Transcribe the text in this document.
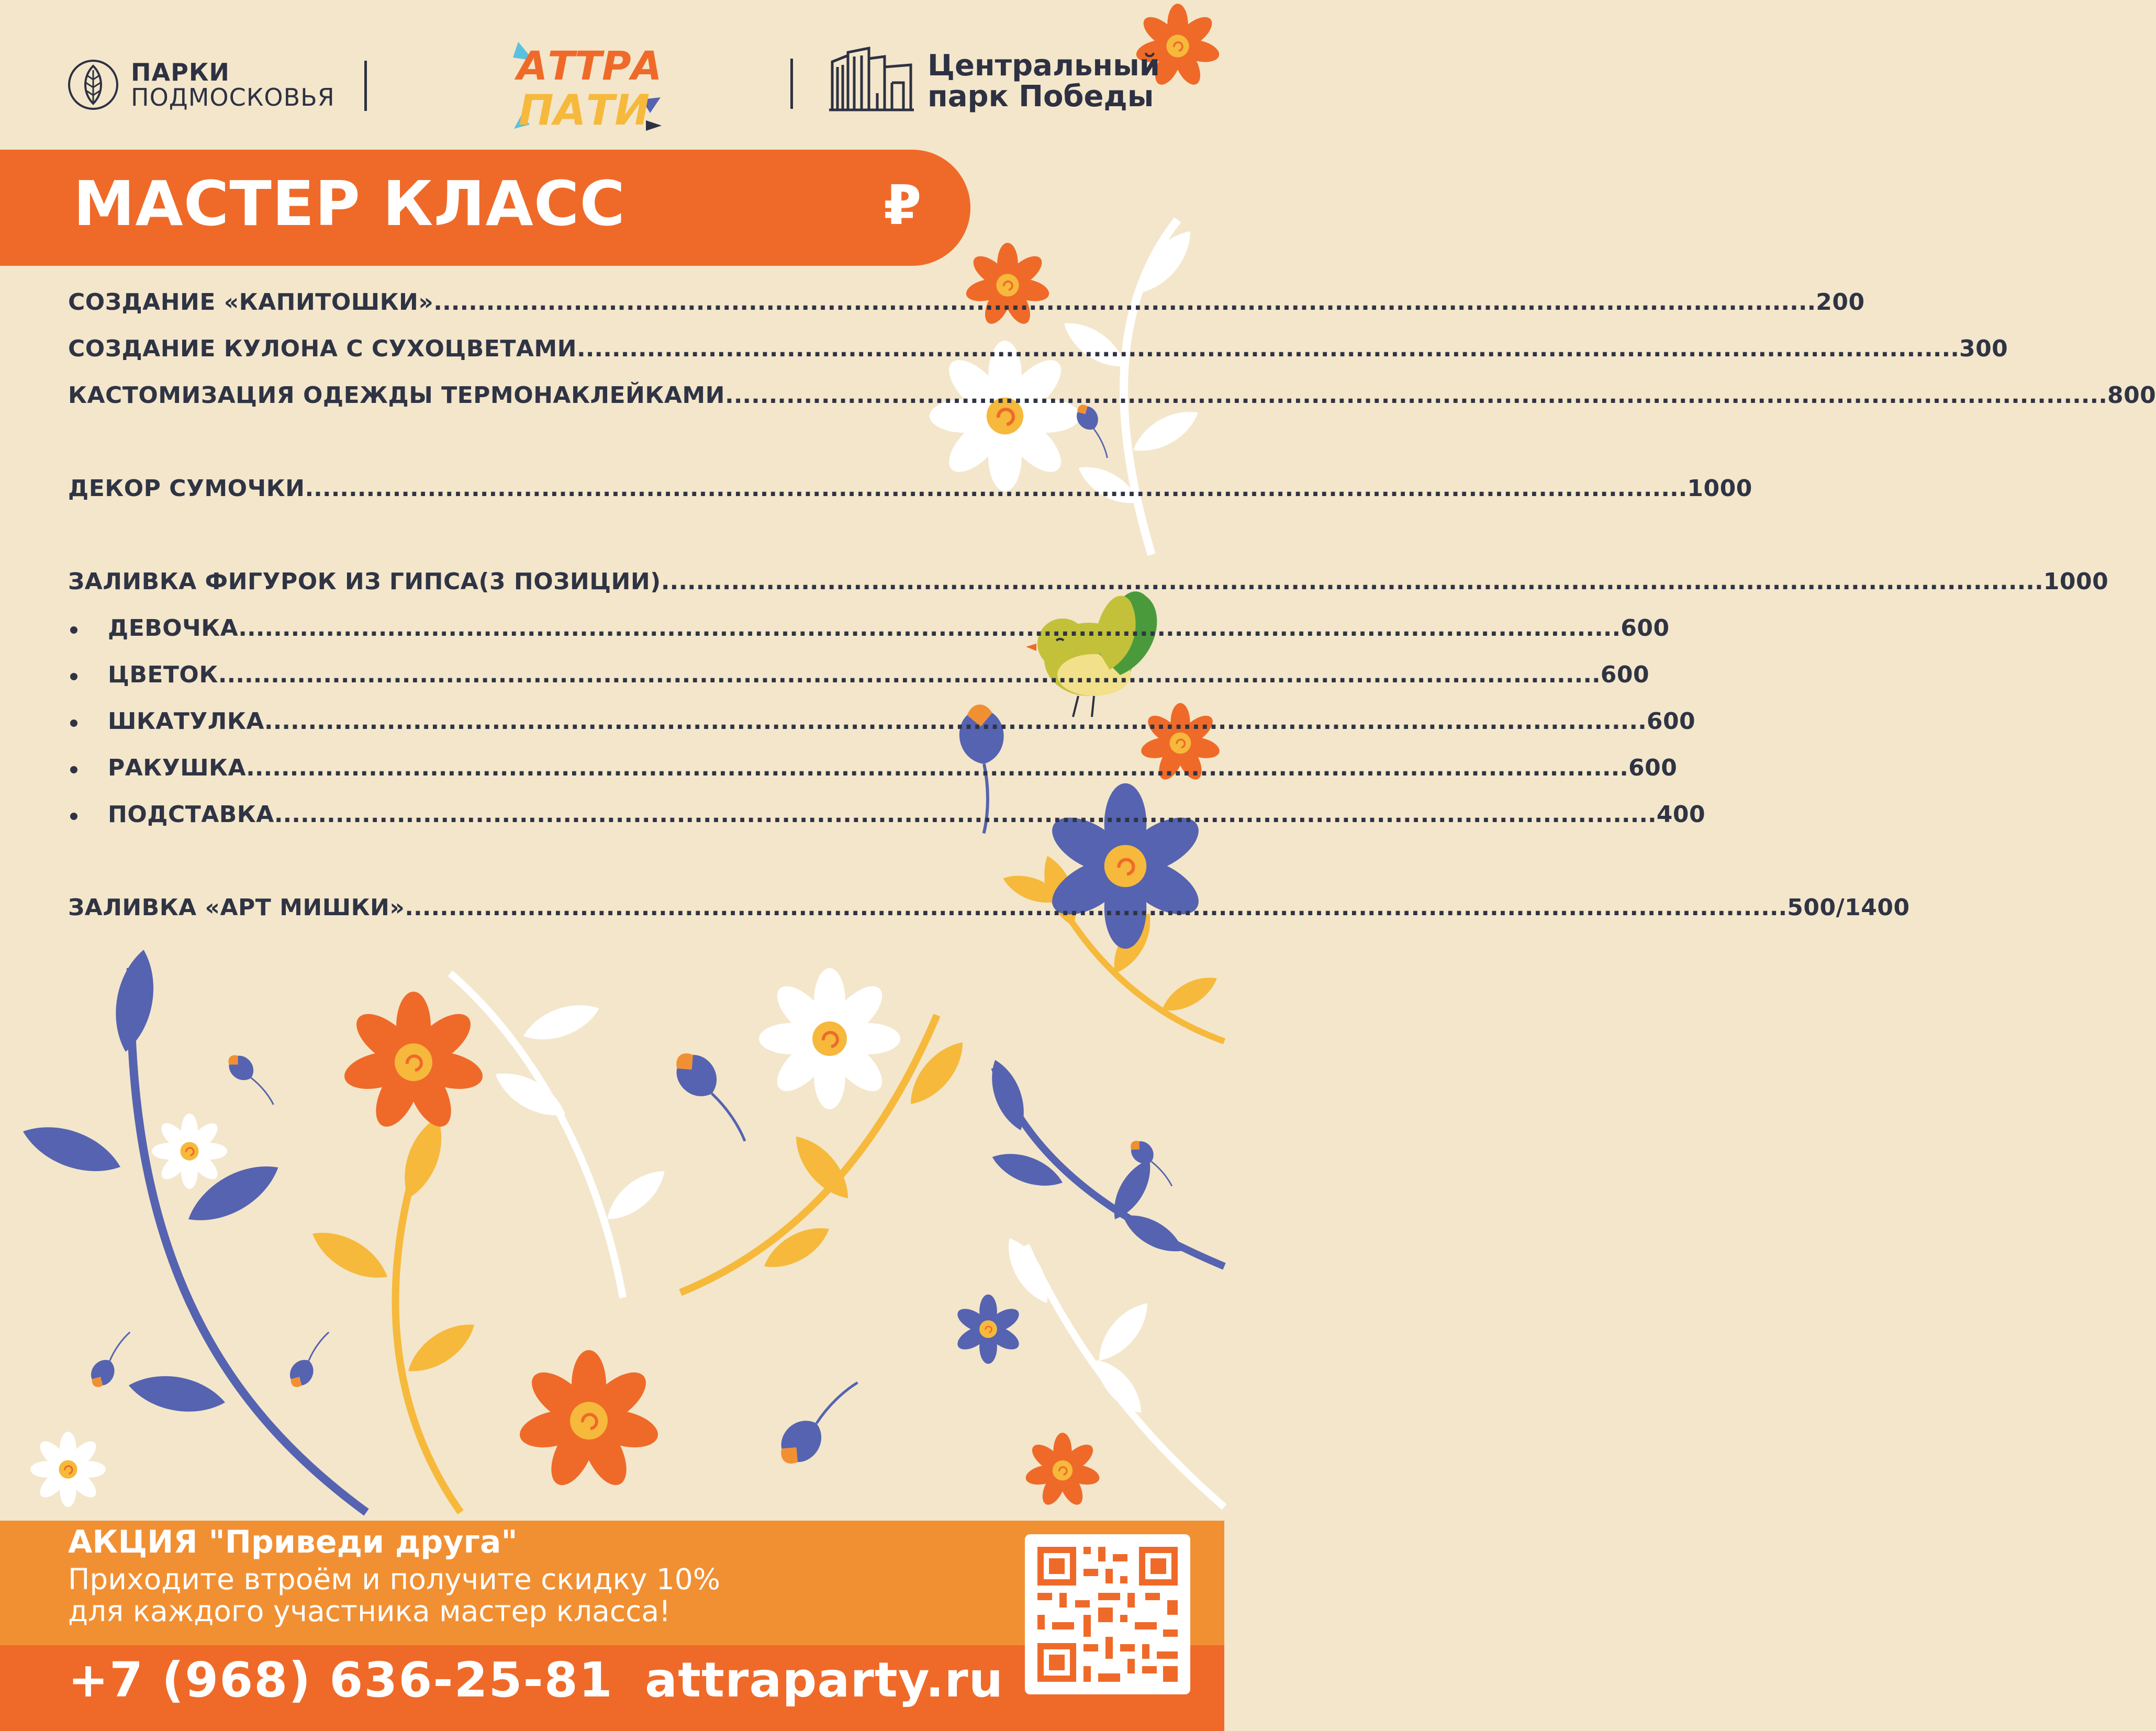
ПАРКИ
ПОДМОСКОВЬЯ
АТТРА
ПАТИ
Центральный
парк Победы
МАСТЕР КЛАСС	₽
СОЗДАНИЕ «КАПИТОШКИ» .............................................................................................................................................................. 200
СОЗДАНИЕ КУЛОНА С СУХОЦВЕТАМИ .............................................................................................................................................................. 300
КАСТОМИЗАЦИЯ ОДЕЖДЫ ТЕРМОНАКЛЕЙКАМИ .............................................................................................................................................................. 800
ДЕКОР СУМОЧКИ .............................................................................................................................................................. 1000
ЗАЛИВКА ФИГУРОК ИЗ ГИПСА(3 ПОЗИЦИИ) .............................................................................................................................................................. 1000
ДЕВОЧКА .............................................................................................................................................................. 600
ЦВЕТОК .............................................................................................................................................................. 600
ШКАТУЛКА .............................................................................................................................................................. 600
РАКУШКА .............................................................................................................................................................. 600
ПОДСТАВКА .............................................................................................................................................................. 400
ЗАЛИВКА «АРТ МИШКИ» .............................................................................................................................................................. 500/1400
АКЦИЯ "Приведи друга"
Приходите втроём и получите скидку 10%
для каждого участника мастер класса!
+7 (968) 636-25-81 attraparty.ru
